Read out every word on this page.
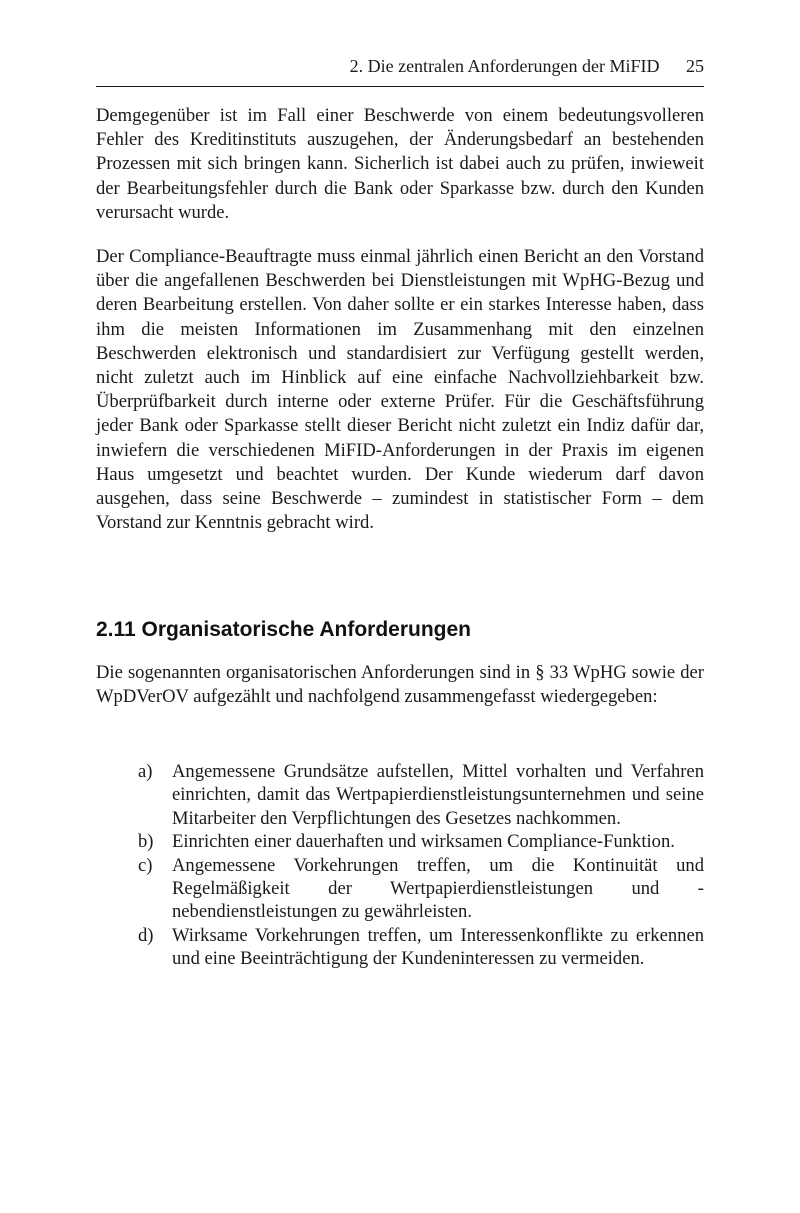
2. Die zentralen Anforderungen der MiFID 25

Demgegenüber ist im Fall einer Beschwerde von einem bedeutungsvolleren Fehler des Kreditinstituts auszugehen, der Änderungsbedarf an bestehenden Prozessen mit sich bringen kann. Sicherlich ist dabei auch zu prüfen, inwieweit der Bearbeitungsfehler durch die Bank oder Sparkasse bzw. durch den Kunden verursacht wurde.

Der Compliance-Beauftragte muss einmal jährlich einen Bericht an den Vorstand über die angefallenen Beschwerden bei Dienstleistungen mit WpHG-Bezug und deren Bearbeitung erstellen. Von daher sollte er ein starkes Interesse haben, dass ihm die meisten Informationen im Zusammenhang mit den einzelnen Beschwerden elektronisch und standardisiert zur Verfügung gestellt werden, nicht zuletzt auch im Hinblick auf eine einfache Nachvollziehbarkeit bzw. Überprüfbarkeit durch interne oder externe Prüfer. Für die Geschäftsführung jeder Bank oder Sparkasse stellt dieser Bericht nicht zuletzt ein Indiz dafür dar, inwiefern die verschiedenen MiFID-Anforderungen in der Praxis im eigenen Haus umgesetzt und beachtet wurden. Der Kunde wiederum darf davon ausgehen, dass seine Beschwerde – zumindest in statistischer Form – dem Vorstand zur Kenntnis gebracht wird.

2.11 Organisatorische Anforderungen

Die sogenannten organisatorischen Anforderungen sind in § 33 WpHG sowie der WpDVerOV aufgezählt und nachfolgend zusammengefasst wiedergegeben:

a) Angemessene Grundsätze aufstellen, Mittel vorhalten und Verfahren einrichten, damit das Wertpapierdienstleistungsunternehmen und seine Mitarbeiter den Verpflichtungen des Gesetzes nachkommen.
b) Einrichten einer dauerhaften und wirksamen Compliance-Funktion.
c) Angemessene Vorkehrungen treffen, um die Kontinuität und Regelmäßigkeit der Wertpapierdienstleistungen und -nebendienstleistungen zu gewährleisten.
d) Wirksame Vorkehrungen treffen, um Interessenkonflikte zu erkennen und eine Beeinträchtigung der Kundeninteressen zu vermeiden.
